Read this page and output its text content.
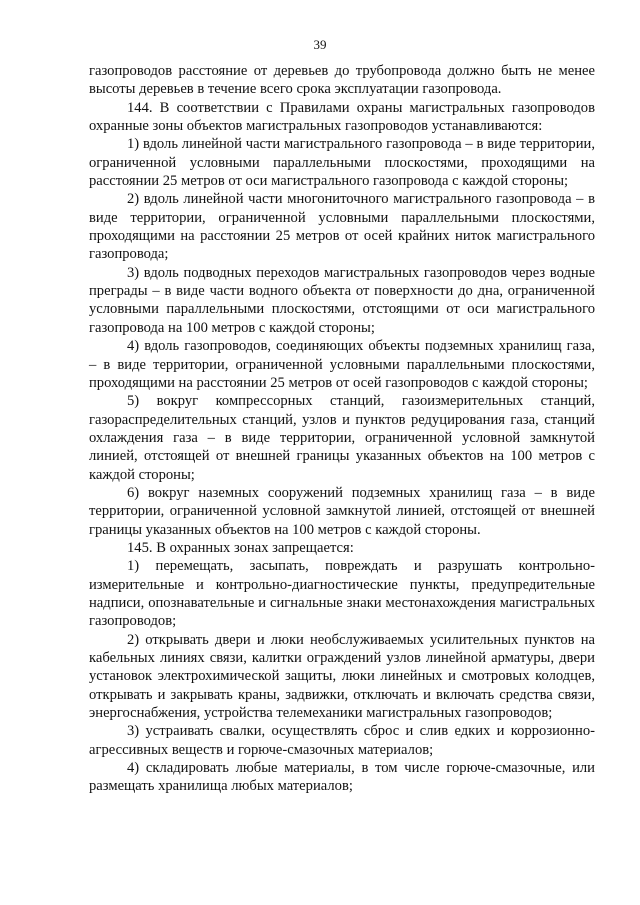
39

газопроводов расстояние от деревьев до трубопровода должно быть не менее высоты деревьев в течение всего срока эксплуатации газопровода.

144. В соответствии с Правилами охраны магистральных газопроводов охранные зоны объектов магистральных газопроводов устанавливаются:

1) вдоль линейной части магистрального газопровода – в виде территории, ограниченной условными параллельными плоскостями, проходящими на расстоянии 25 метров от оси магистрального газопровода с каждой стороны;

2) вдоль линейной части многониточного магистрального газопровода – в виде территории, ограниченной условными параллельными плоскостями, проходящими на расстоянии 25 метров от осей крайних ниток магистрального газопровода;

3) вдоль подводных переходов магистральных газопроводов через водные преграды – в виде части водного объекта от поверхности до дна, ограниченной условными параллельными плоскостями, отстоящими от оси магистрального газопровода на 100 метров с каждой стороны;

4) вдоль газопроводов, соединяющих объекты подземных хранилищ газа, – в виде территории, ограниченной условными параллельными плоскостями, проходящими на расстоянии 25 метров от осей газопроводов с каждой стороны;

5) вокруг компрессорных станций, газоизмерительных станций, газораспределительных станций, узлов и пунктов редуцирования газа, станций охлаждения газа – в виде территории, ограниченной условной замкнутой линией, отстоящей от внешней границы указанных объектов на 100 метров с каждой стороны;

6) вокруг наземных сооружений подземных хранилищ газа – в виде территории, ограниченной условной замкнутой линией, отстоящей от внешней границы указанных объектов на 100 метров с каждой стороны.

145. В охранных зонах запрещается:

1) перемещать, засыпать, повреждать и разрушать контрольно-измерительные и контрольно-диагностические пункты, предупредительные надписи, опознавательные и сигнальные знаки местонахождения магистральных газопроводов;

2) открывать двери и люки необслуживаемых усилительных пунктов на кабельных линиях связи, калитки ограждений узлов линейной арматуры, двери установок электрохимической защиты, люки линейных и смотровых колодцев, открывать и закрывать краны, задвижки, отключать и включать средства связи, энергоснабжения, устройства телемеханики магистральных газопроводов;

3) устраивать свалки, осуществлять сброс и слив едких и коррозионно-агрессивных веществ и горюче-смазочных материалов;

4) складировать любые материалы, в том числе горюче-смазочные, или размещать хранилища любых материалов;
